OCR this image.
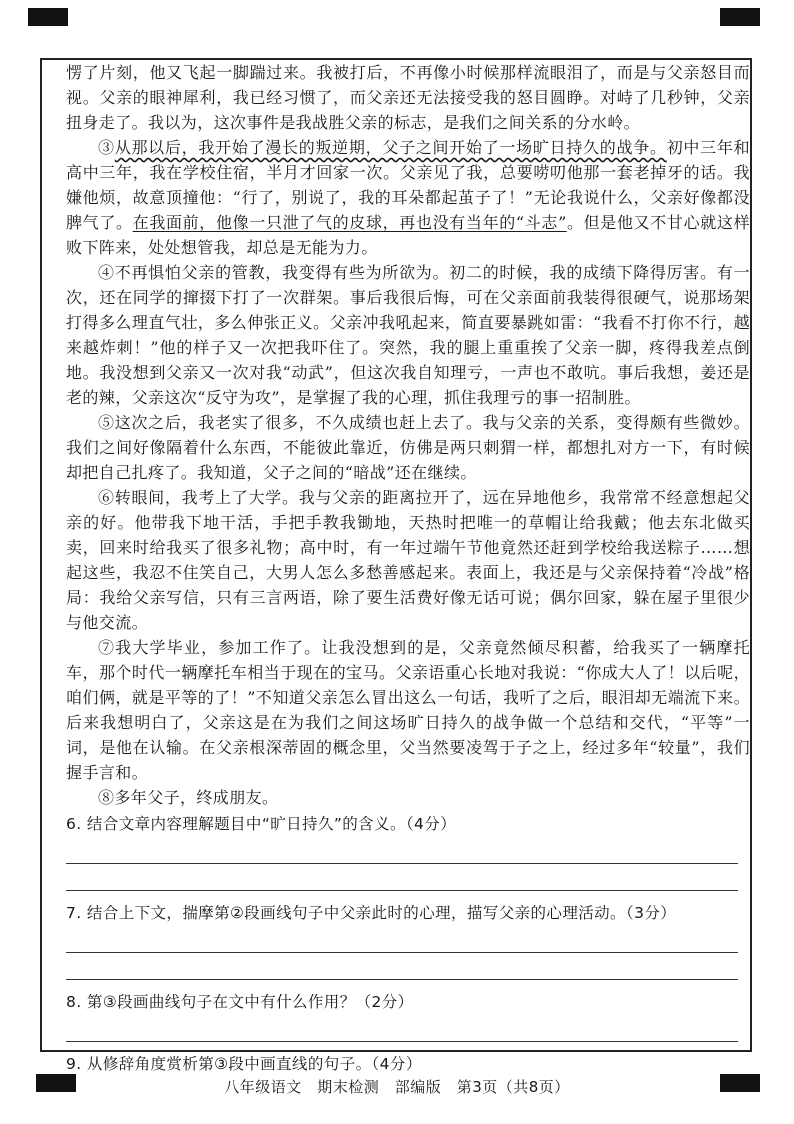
愣了片刻，他又飞起一脚踹过来。我被打后，不再像小时候那样流眼泪了，而是与父亲怒目而视。父亲的眼神犀利，我已经习惯了，而父亲还无法接受我的怒目圆睁。对峙了几秒钟，父亲扭身走了。我以为，这次事件是我战胜父亲的标志，是我们之间关系的分水岭。

③从那以后，我开始了漫长的叛逆期，父子之间开始了一场旷日持久的战争。初中三年和高中三年，我在学校住宿，半月才回家一次。父亲见了我，总要唠叨他那一套老掉牙的话。我嫌他烦，故意顶撞他：“行了，别说了，我的耳朵都起茧子了！”无论我说什么，父亲好像都没脾气了。在我面前，他像一只泄了气的皮球，再也没有当年的“斗志”。但是他又不甘心就这样败下阵来，处处想管我，却总是无能为力。

④不再惧怕父亲的管教，我变得有些为所欲为。初二的时候，我的成绩下降得厉害。有一次，还在同学的撺掇下打了一次群架。事后我很后悔，可在父亲面前我装得很硬气，说那场架打得多么理直气壮，多么伸张正义。父亲冲我吼起来，简直要暴跳如雷：“我看不打你不行，越来越炸刺！”他的样子又一次把我吓住了。突然，我的腿上重重挨了父亲一脚，疼得我差点倒地。我没想到父亲又一次对我“动武”，但这次我自知理亏，一声也不敢吭。事后我想，姜还是老的辣，父亲这次“反守为攻”，是掌握了我的心理，抓住我理亏的事一招制胜。

⑤这次之后，我老实了很多，不久成绩也赶上去了。我与父亲的关系，变得颇有些微妙。我们之间好像隔着什么东西，不能彼此靠近，仿佛是两只刺猬一样，都想扎对方一下，有时候却把自己扎疼了。我知道，父子之间的“暗战”还在继续。

⑥转眼间，我考上了大学。我与父亲的距离拉开了，远在异地他乡，我常常不经意想起父亲的好。他带我下地干活，手把手教我锄地，天热时把唯一的草帽让给我戴；他去东北做买卖，回来时给我买了很多礼物；高中时，有一年过端午节他竟然还赶到学校给我送粽子……想起这些，我忍不住笑自己，大男人怎么多愁善感起来。表面上，我还是与父亲保持着“冷战”格局：我给父亲写信，只有三言两语，除了要生活费好像无话可说；偶尔回家，躲在屋子里很少与他交流。

⑦我大学毕业，参加工作了。让我没想到的是，父亲竟然倾尽积蓄，给我买了一辆摩托车，那个时代一辆摩托车相当于现在的宝马。父亲语重心长地对我说：“你成大人了！以后呢，咱们俩，就是平等的了！”不知道父亲怎么冒出这么一句话，我听了之后，眼泪却无端流下来。后来我想明白了，父亲这是在为我们之间这场旷日持久的战争做一个总结和交代，“平等”一词，是他在认输。在父亲根深蒂固的概念里，父当然要凌驾于子之上，经过多年“较量”，我们握手言和。

⑧多年父子，终成朋友。

6. 结合文章内容理解题目中“旷日持久”的含义。（4分）
7. 结合上下文，揣摩第②段画线句子中父亲此时的心理，描写父亲的心理活动。（3分）
8. 第③段画曲线句子在文中有什么作用？（2分）
9. 从修辞角度赏析第③段中画直线的句子。（4分）
八年级语文　期末检测　部编版　第3页（共8页）
